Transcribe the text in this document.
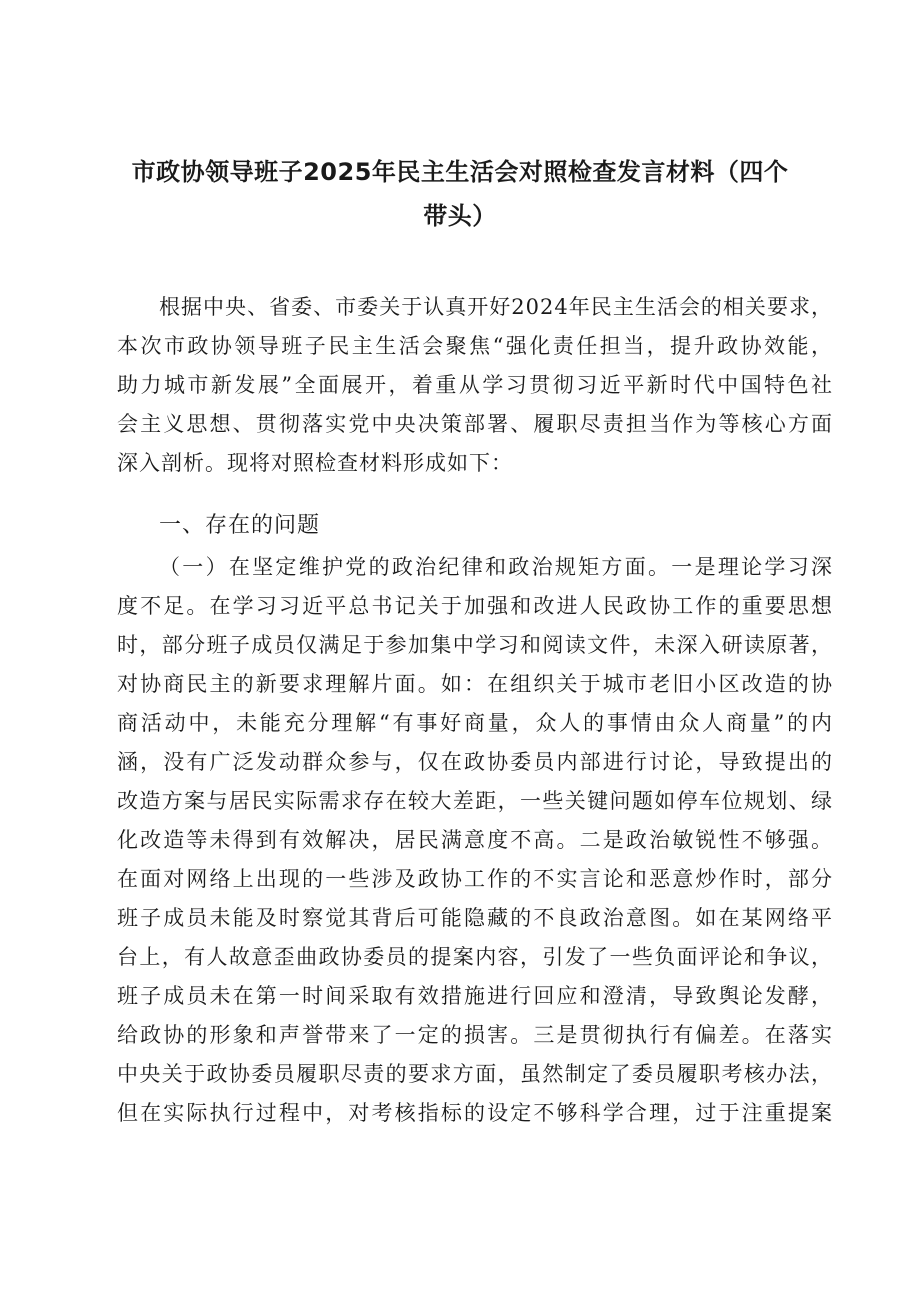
市政协领导班子2025年民主生活会对照检查发言材料（四个
带头）
根据中央、省委、市委关于认真开好2024年民主生活会的相关要求，
本次市政协领导班子民主生活会聚焦“强化责任担当，提升政协效能，
助力城市新发展”全面展开，着重从学习贯彻习近平新时代中国特色社
会主义思想、贯彻落实党中央决策部署、履职尽责担当作为等核心方面
深入剖析。现将对照检查材料形成如下：
一、存在的问题
（一）在坚定维护党的政治纪律和政治规矩方面。一是理论学习深
度不足。在学习习近平总书记关于加强和改进人民政协工作的重要思想
时，部分班子成员仅满足于参加集中学习和阅读文件，未深入研读原著，
对协商民主的新要求理解片面。如：在组织关于城市老旧小区改造的协
商活动中，未能充分理解“有事好商量，众人的事情由众人商量”的内
涵，没有广泛发动群众参与，仅在政协委员内部进行讨论，导致提出的
改造方案与居民实际需求存在较大差距，一些关键问题如停车位规划、绿
化改造等未得到有效解决，居民满意度不高。二是政治敏锐性不够强。
在面对网络上出现的一些涉及政协工作的不实言论和恶意炒作时，部分
班子成员未能及时察觉其背后可能隐藏的不良政治意图。如在某网络平
台上，有人故意歪曲政协委员的提案内容，引发了一些负面评论和争议，
班子成员未在第一时间采取有效措施进行回应和澄清，导致舆论发酵，
给政协的形象和声誉带来了一定的损害。三是贯彻执行有偏差。在落实
中央关于政协委员履职尽责的要求方面，虽然制定了委员履职考核办法，
但在实际执行过程中，对考核指标的设定不够科学合理，过于注重提案
